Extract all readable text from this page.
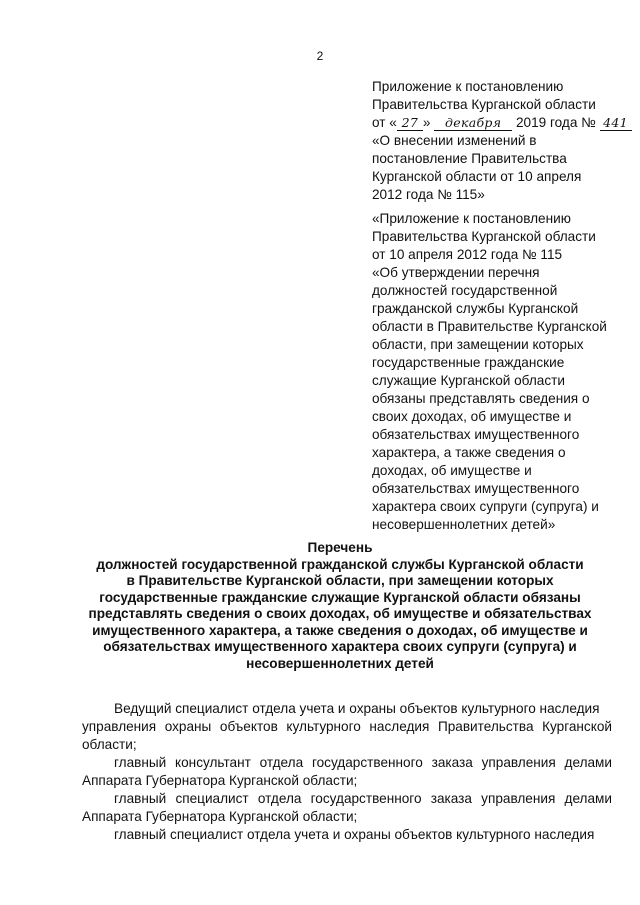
2
Приложение к постановлению
Правительства Курганской области
от « 27 » декабря 2019 года № 441
«О внесении изменений в
постановление Правительства
Курганской области от 10 апреля
2012 года № 115»
«Приложение к постановлению
Правительства Курганской области
от 10 апреля 2012 года № 115
«Об утверждении перечня
должностей государственной
гражданской службы Курганской
области в Правительстве Курганской
области, при замещении которых
государственные гражданские
служащие Курганской области
обязаны представлять сведения о
своих доходах, об имуществе и
обязательствах имущественного
характера, а также сведения о
доходах, об имуществе и
обязательствах имущественного
характера своих супруги (супруга) и
несовершеннолетних детей»
Перечень
должностей государственной гражданской службы Курганской области
в Правительстве Курганской области, при замещении которых
государственные гражданские служащие Курганской области обязаны
представлять сведения о своих доходах, об имуществе и обязательствах
имущественного характера, а также сведения о доходах, об имуществе и
обязательствах имущественного характера своих супруги (супруга) и
несовершеннолетних детей
Ведущий специалист отдела учета и охраны объектов культурного наследия
управления охраны объектов культурного наследия Правительства Курганской
области;
главный консультант отдела государственного заказа управления делами
Аппарата Губернатора Курганской области;
главный специалист отдела государственного заказа управления делами
Аппарата Губернатора Курганской области;
главный специалист отдела учета и охраны объектов культурного наследия
